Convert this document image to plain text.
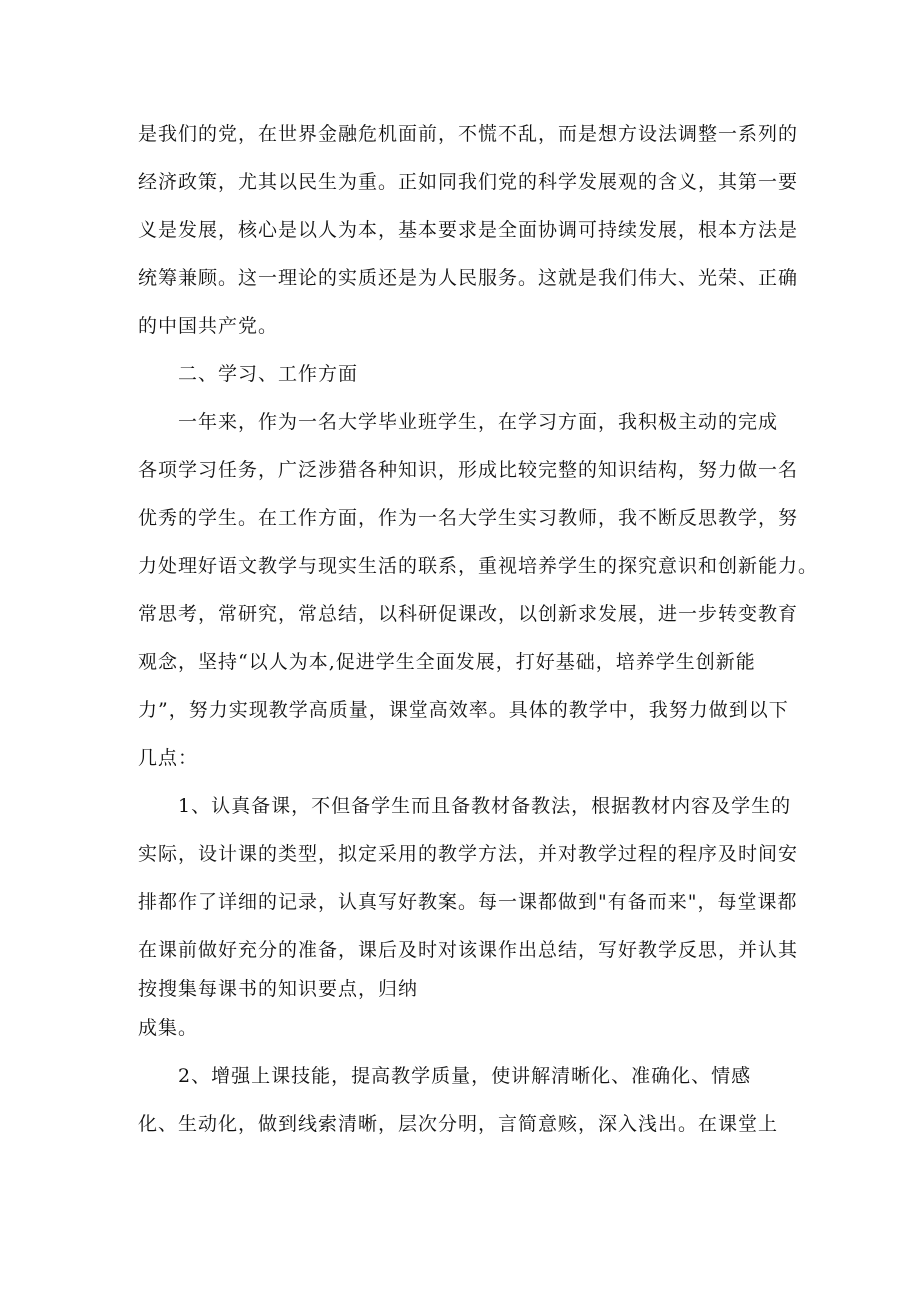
是我们的党，在世界金融危机面前，不慌不乱，而是想方设法调整一系列的
经济政策，尤其以民生为重。正如同我们党的科学发展观的含义，其第一要
义是发展，核心是以人为本，基本要求是全面协调可持续发展，根本方法是
统筹兼顾。这一理论的实质还是为人民服务。这就是我们伟大、光荣、正确
的中国共产党。
二、学习、工作方面
一年来，作为一名大学毕业班学生，在学习方面，我积极主动的完成
各项学习任务，广泛涉猎各种知识，形成比较完整的知识结构，努力做一名
优秀的学生。在工作方面，作为一名大学生实习教师，我不断反思教学，努
力处理好语文教学与现实生活的联系，重视培养学生的探究意识和创新能力。
常思考，常研究，常总结，以科研促课改，以创新求发展，进一步转变教育
观念，坚持“以人为本,促进学生全面发展，打好基础，培养学生创新能
力”，努力实现教学高质量，课堂高效率。具体的教学中，我努力做到以下
几点：
1、认真备课，不但备学生而且备教材备教法，根据教材内容及学生的
实际，设计课的类型，拟定采用的教学方法，并对教学过程的程序及时间安
排都作了详细的记录，认真写好教案。每一课都做到"有备而来"，每堂课都
在课前做好充分的准备，课后及时对该课作出总结，写好教学反思，并认其
按搜集每课书的知识要点，归纳
成集。
2、增强上课技能，提高教学质量，使讲解清晰化、准确化、情感
化、生动化，做到线索清晰，层次分明，言简意赅，深入浅出。在课堂上
